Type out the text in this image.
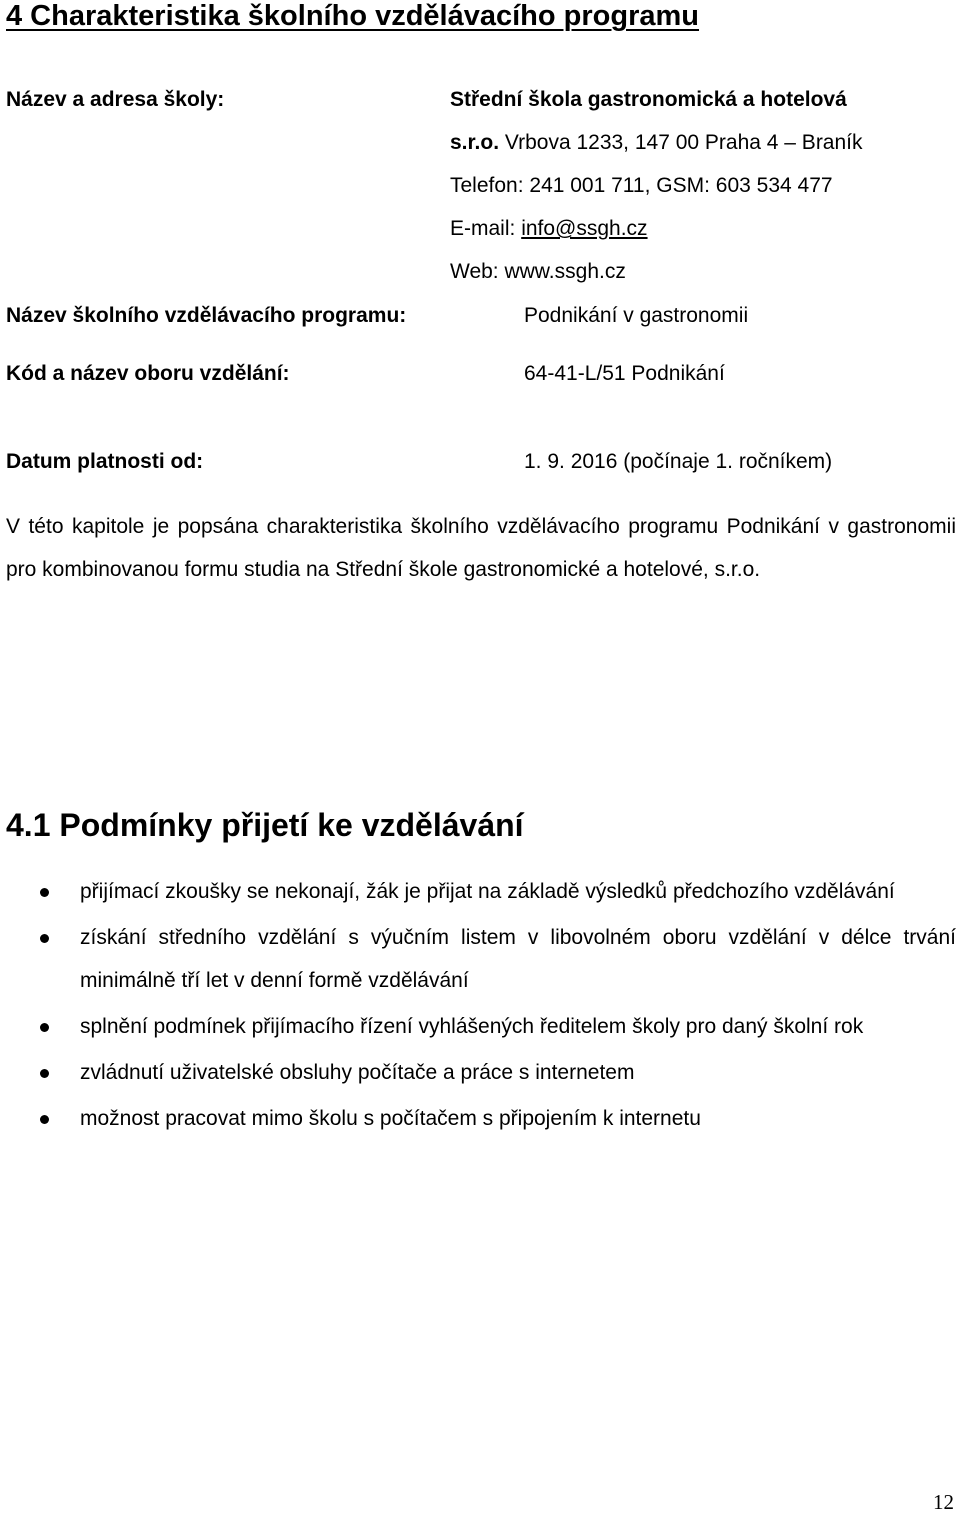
4 Charakteristika školního vzdělávacího programu

Název a adresa školy:	Střední škola gastronomická a hotelová

s.r.o. Vrbova 1233, 147 00 Praha 4 – Braník

Telefon: 241 001 711, GSM: 603 534 477

E-mail: info@ssgh.cz

Web: www.ssgh.cz

Název školního vzdělávacího programu:	Podnikání v gastronomii

Kód a název oboru vzdělání:	64-41-L/51 Podnikání

Datum platnosti od:	1. 9. 2016 (počínaje 1. ročníkem)

V této kapitole je popsána charakteristika školního vzdělávacího programu Podnikání v gastronomii pro kombinovanou formu studia na Střední škole gastronomické a hotelové, s.r.o.

4.1 Podmínky přijetí ke vzdělávání
přijímací zkoušky se nekonají, žák je přijat na základě výsledků předchozího vzdělávání
získání středního vzdělání s výučním listem v libovolném oboru vzdělání v délce trvání minimálně tří let v denní formě vzdělávání
splnění podmínek přijímacího řízení vyhlášených ředitelem školy pro daný školní rok
zvládnutí uživatelské obsluhy počítače a práce s internetem
možnost pracovat mimo školu s počítačem s připojením k internetu

12
